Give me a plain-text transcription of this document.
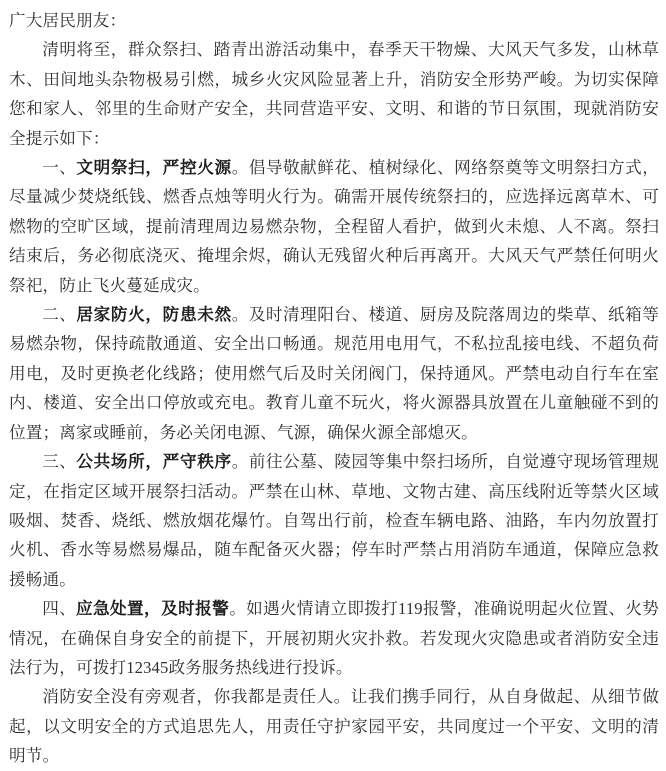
广大居民朋友：

清明将至，群众祭扫、踏青出游活动集中，春季天干物燥、大风天气多发，山林草木、田间地头杂物极易引燃，城乡火灾风险显著上升，消防安全形势严峻。为切实保障您和家人、邻里的生命财产安全，共同营造平安、文明、和谐的节日氛围，现就消防安全提示如下：

一、文明祭扫，严控火源。倡导敬献鲜花、植树绿化、网络祭奠等文明祭扫方式，尽量减少焚烧纸钱、燃香点烛等明火行为。确需开展传统祭扫的，应选择远离草木、可燃物的空旷区域，提前清理周边易燃杂物，全程留人看护，做到火未熄、人不离。祭扫结束后，务必彻底浇灭、掩埋余烬，确认无残留火种后再离开。大风天气严禁任何明火祭祀，防止飞火蔓延成灾。

二、居家防火，防患未然。及时清理阳台、楼道、厨房及院落周边的柴草、纸箱等易燃杂物，保持疏散通道、安全出口畅通。规范用电用气，不私拉乱接电线、不超负荷用电，及时更换老化线路；使用燃气后及时关闭阀门，保持通风。严禁电动自行车在室内、楼道、安全出口停放或充电。教育儿童不玩火，将火源器具放置在儿童触碰不到的位置；离家或睡前，务必关闭电源、气源，确保火源全部熄灭。

三、公共场所，严守秩序。前往公墓、陵园等集中祭扫场所，自觉遵守现场管理规定，在指定区域开展祭扫活动。严禁在山林、草地、文物古建、高压线附近等禁火区域吸烟、焚香、烧纸、燃放烟花爆竹。自驾出行前，检查车辆电路、油路，车内勿放置打火机、香水等易燃易爆品，随车配备灭火器；停车时严禁占用消防车通道，保障应急救援畅通。

四、应急处置，及时报警。如遇火情请立即拨打119报警，准确说明起火位置、火势情况，在确保自身安全的前提下，开展初期火灾扑救。若发现火灾隐患或者消防安全违法行为，可拨打12345政务服务热线进行投诉。

消防安全没有旁观者，你我都是责任人。让我们携手同行，从自身做起、从细节做起，以文明安全的方式追思先人，用责任守护家园平安，共同度过一个平安、文明的清明节。
